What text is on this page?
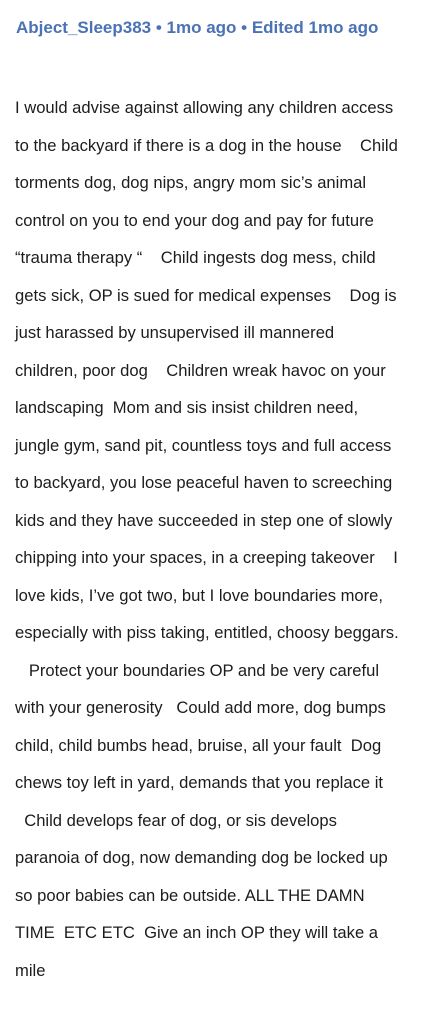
Abject_Sleep383 • 1mo ago • Edited 1mo ago
I would advise against allowing any children access
to the backyard if there is a dog in the house    Child
torments dog, dog nips, angry mom sic’s animal
control on you to end your dog and pay for future
“trauma therapy “    Child ingests dog mess, child
gets sick, OP is sued for medical expenses    Dog is
just harassed by unsupervised ill mannered
children, poor dog    Children wreak havoc on your
landscaping  Mom and sis insist children need,
jungle gym, sand pit, countless toys and full access
to backyard, you lose peaceful haven to screeching
kids and they have succeeded in step one of slowly
chipping into your spaces, in a creeping takeover    I
love kids, I’ve got two, but I love boundaries more,
especially with piss taking, entitled, choosy beggars.
Protect your boundaries OP and be very careful
with your generosity   Could add more, dog bumps
child, child bumbs head, bruise, all your fault  Dog
chews toy left in yard, demands that you replace it
Child develops fear of dog, or sis develops
paranoia of dog, now demanding dog be locked up
so poor babies can be outside. ALL THE DAMN
TIME  ETC ETC  Give an inch OP they will take a
mile
